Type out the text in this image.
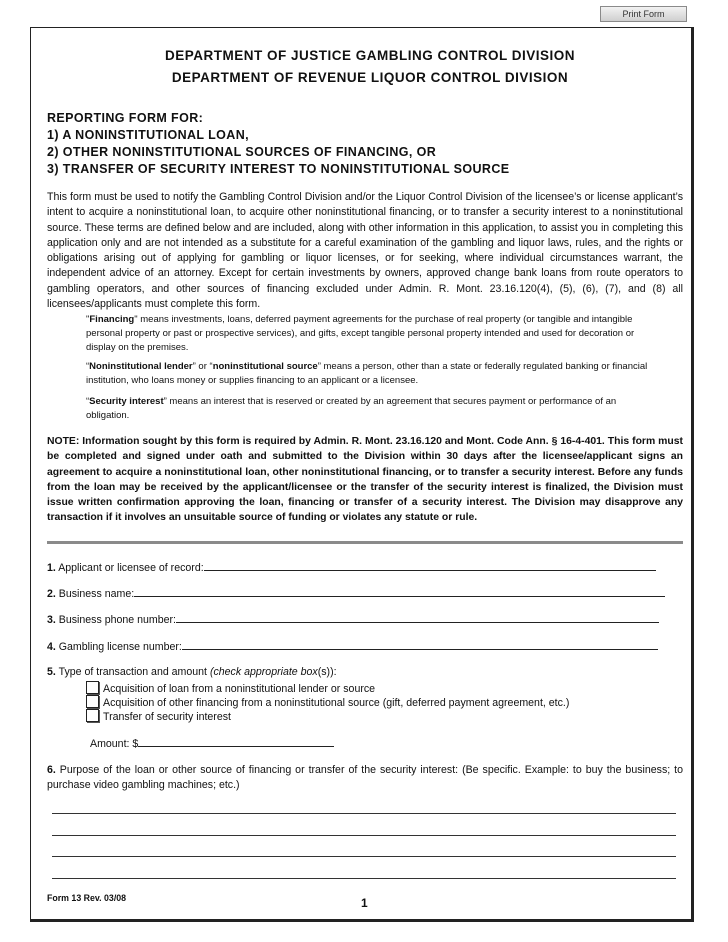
Print Form
DEPARTMENT OF JUSTICE GAMBLING CONTROL DIVISION
DEPARTMENT OF REVENUE LIQUOR CONTROL DIVISION
REPORTING FORM FOR:
1) A NONINSTITUTIONAL LOAN,
2) OTHER NONINSTITUTIONAL SOURCES OF FINANCING, OR
3) TRANSFER OF SECURITY INTEREST TO NONINSTITUTIONAL SOURCE
This form must be used to notify the Gambling Control Division and/or the Liquor Control Division of the licensee’s or license applicant’s intent to acquire a noninstitutional loan, to acquire other noninstitutional financing, or to transfer a security interest to a noninstitutional source. These terms are defined below and are included, along with other information in this application, to assist you in completing this application only and are not intended as a substitute for a careful examination of the gambling and liquor laws, rules, and the rights or obligations arising out of applying for gambling or liquor licenses, or for seeking, where individual circumstances warrant, the independent advice of an attorney. Except for certain investments by owners, approved change bank loans from route operators to gambling operators, and other sources of financing excluded under Admin. R. Mont. 23.16.120(4), (5), (6), (7), and (8) all licensees/applicants must complete this form.
"Financing" means investments, loans, deferred payment agreements for the purchase of real property (or tangible and intangible personal property or past or prospective services), and gifts, except tangible personal property intended and used for decoration or display on the premises.
“Noninstitutional lender” or “noninstitutional source” means a person, other than a state or federally regulated banking or financial institution, who loans money or supplies financing to an applicant or a licensee.
“Security interest” means an interest that is reserved or created by an agreement that secures payment or performance of an obligation.
NOTE: Information sought by this form is required by Admin. R. Mont. 23.16.120 and Mont. Code Ann. § 16-4-401. This form must be completed and signed under oath and submitted to the Division within 30 days after the licensee/applicant signs an agreement to acquire a noninstitutional loan, other noninstitutional financing, or to transfer a security interest. Before any funds from the loan may be received by the applicant/licensee or the transfer of the security interest is finalized, the Division must issue written confirmation approving the loan, financing or transfer of a security interest. The Division may disapprove any transaction if it involves an unsuitable source of funding or violates any statute or rule.
1. Applicant or licensee of record:
2. Business name:
3. Business phone number:
4. Gambling license number:
5. Type of transaction and amount (check appropriate box(s)):
Acquisition of loan from a noninstitutional lender or source
Acquisition of other financing from a noninstitutional source (gift, deferred payment agreement, etc.)
Transfer of security interest
Amount: $
6. Purpose of the loan or other source of financing or transfer of the security interest: (Be specific. Example: to buy the business; to purchase video gambling machines; etc.)
Form 13 Rev. 03/08	1
